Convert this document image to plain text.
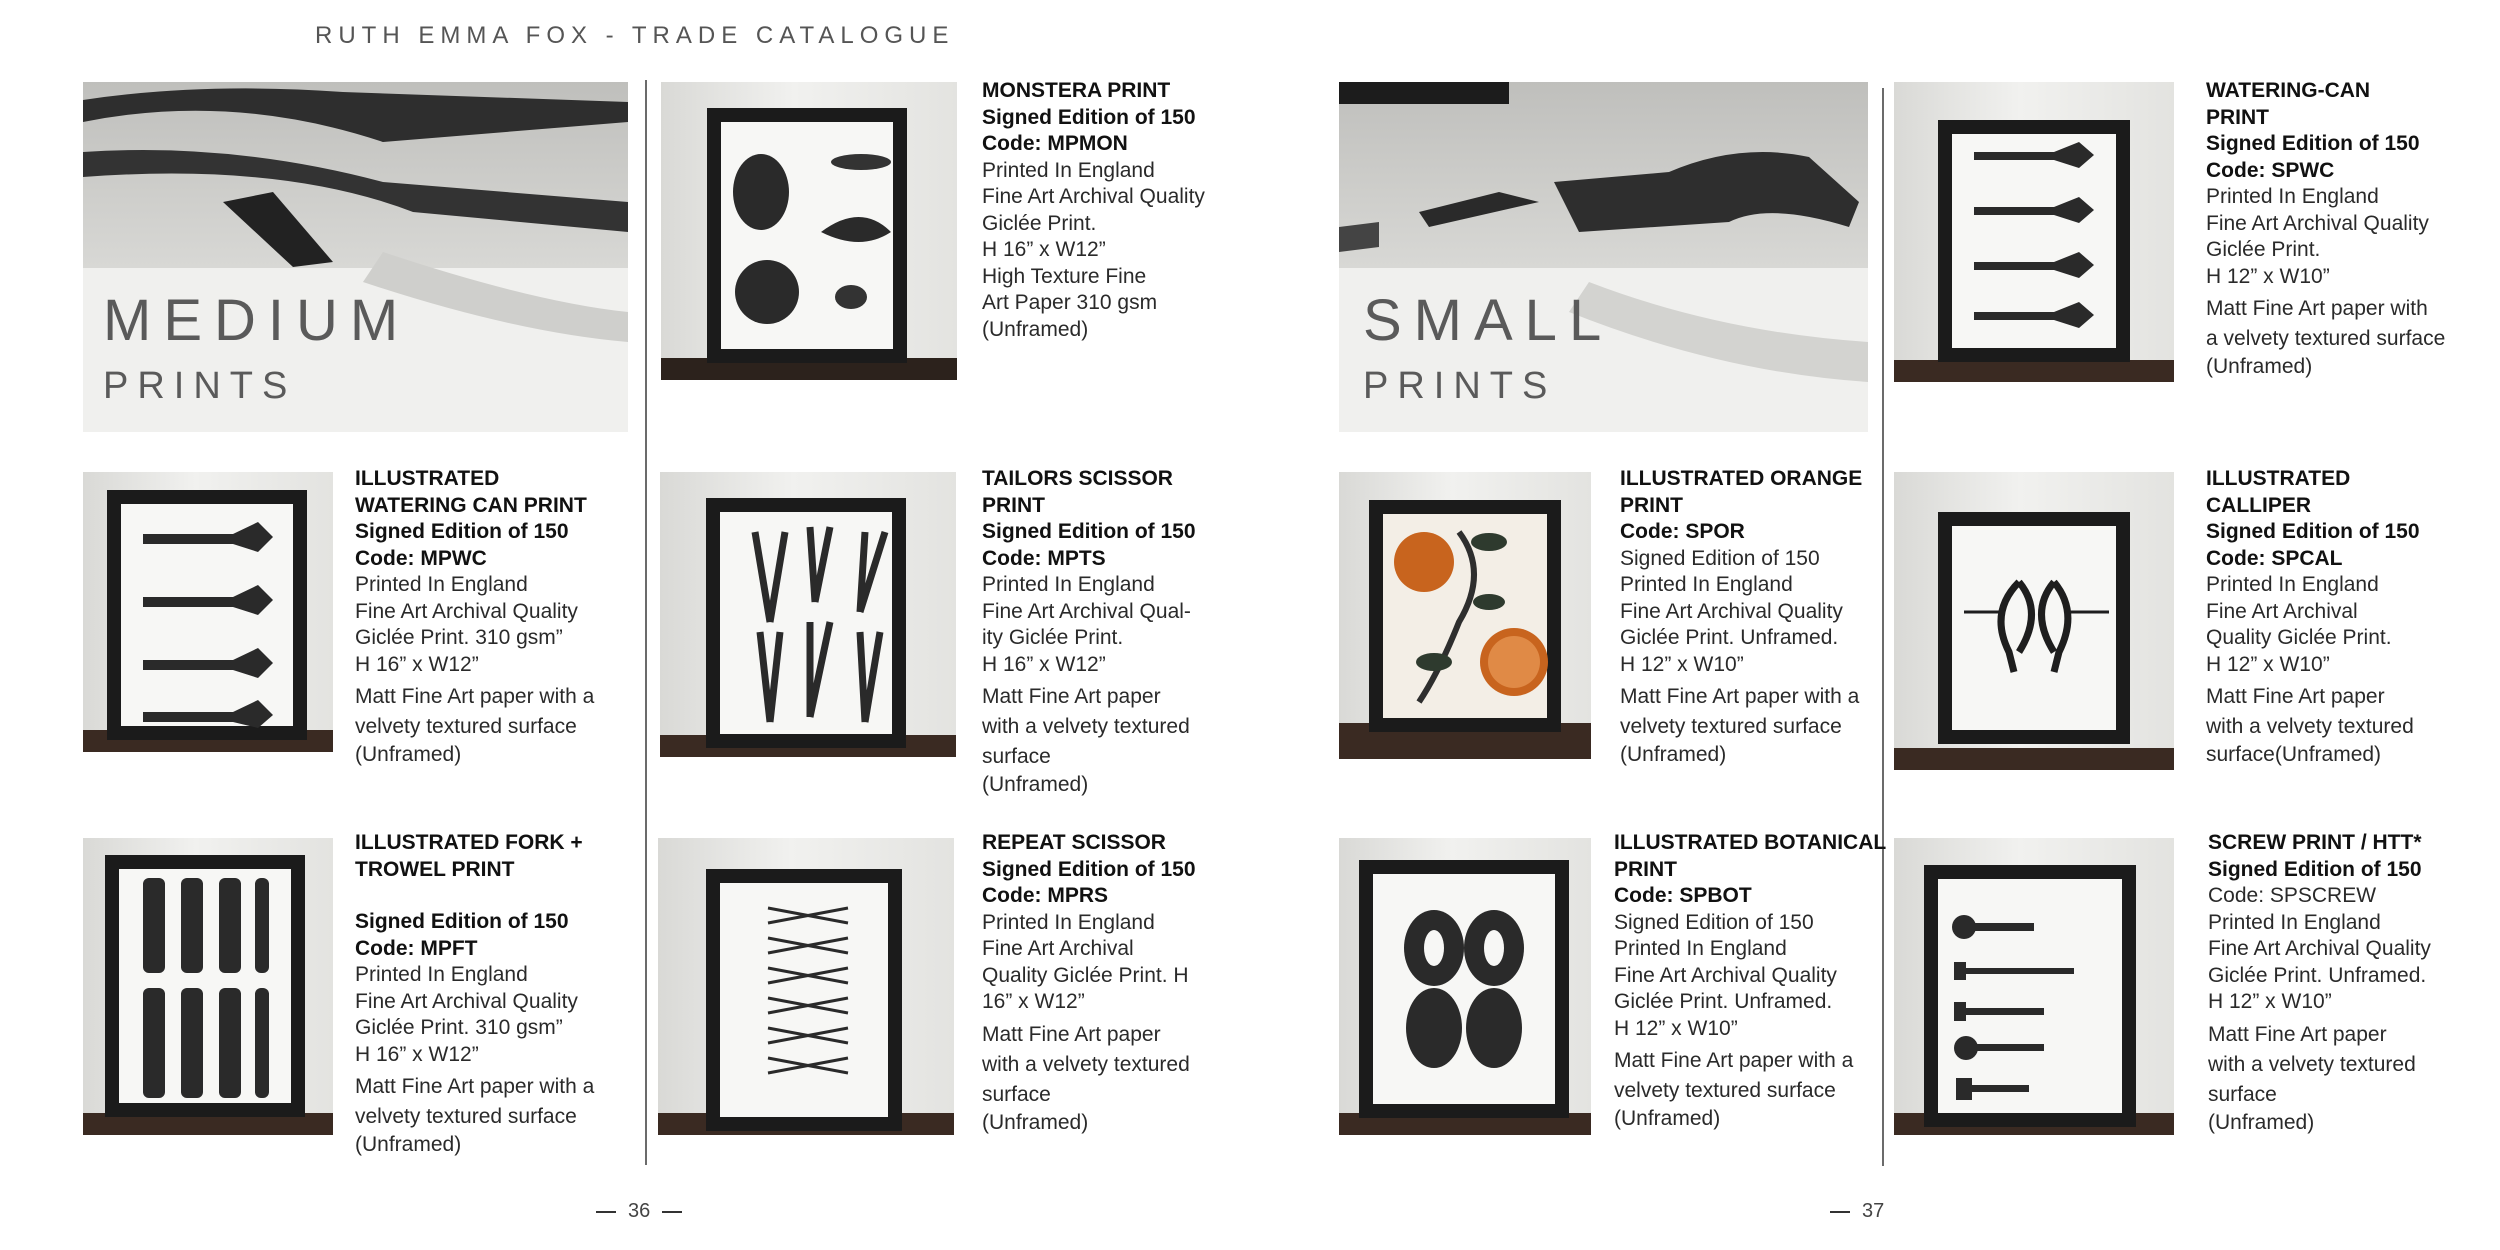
RUTH EMMA FOX - TRADE CATALOGUE
MEDIUM
PRINTS
SMALL
PRINTS
MONSTERA PRINT
Signed Edition of 150
Code: MPMON
Printed In England
Fine Art Archival Quality
Giclée Print.
H 16” x W12”
High Texture Fine
Art Paper 310 gsm
(Unframed)
ILLUSTRATED
WATERING CAN PRINT
Signed Edition of 150
Code: MPWC
Printed In England
Fine Art Archival Quality
Giclée Print. 310 gsm”
H 16” x W12”
Matt Fine Art paper with a
velvety textured surface
(Unframed)
ILLUSTRATED FORK +
TROWEL PRINT
Signed Edition of 150
Code: MPFT
Printed In England
Fine Art Archival Quality
Giclée Print. 310 gsm”
H 16” x W12”
Matt Fine Art paper with a
velvety textured surface
(Unframed)
TAILORS SCISSOR
PRINT
Signed Edition of 150
Code: MPTS
Printed In England
Fine Art Archival Qual-
ity Giclée Print.
H 16” x W12”
Matt Fine Art paper
with a velvety textured
surface
(Unframed)
REPEAT SCISSOR
Signed Edition of 150
Code: MPRS
Printed In England
Fine Art Archival
Quality Giclée Print. H
16” x W12”
Matt Fine Art paper
with a velvety textured
surface
(Unframed)
WATERING-CAN
PRINT
Signed Edition of 150
Code: SPWC
Printed In England
Fine Art Archival Quality
Giclée Print.
H 12” x W10”
Matt Fine Art paper with
a velvety textured surface
(Unframed)
ILLUSTRATED ORANGE
PRINT
Code: SPOR
Signed Edition of 150
Printed In England
Fine Art Archival Quality
Giclée Print. Unframed.
H 12” x W10”
Matt Fine Art paper with a
velvety textured surface
(Unframed)
ILLUSTRATED
CALLIPER
Signed Edition of 150
Code: SPCAL
Printed In England
Fine Art Archival
Quality Giclée Print.
H 12” x W10”
Matt Fine Art paper
with a velvety textured
surface(Unframed)
ILLUSTRATED BOTANICAL
PRINT
Code: SPBOT
Signed Edition of 150
Printed In England
Fine Art Archival Quality
Giclée Print. Unframed.
H 12” x W10”
Matt Fine Art paper with a
velvety textured surface
(Unframed)
SCREW PRINT / HTT*
Signed Edition of 150
Code: SPSCREW
Printed In England
Fine Art Archival Quality
Giclée Print. Unframed.
H 12” x W10”
Matt Fine Art paper
with a velvety textured
surface
(Unframed)
36	37
